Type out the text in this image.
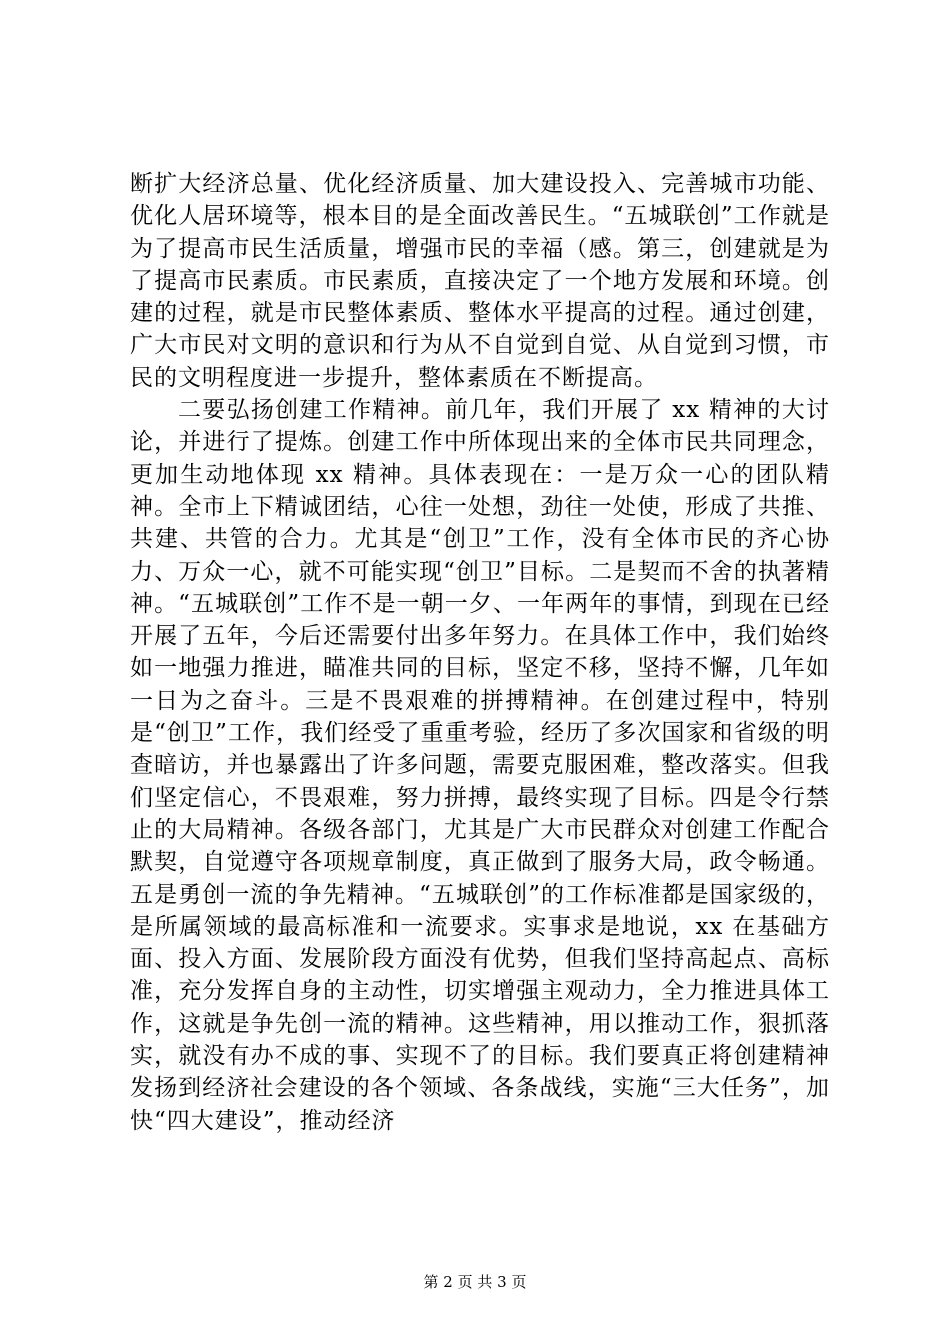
断扩大经济总量、优化经济质量、加大建设投入、完善城市功能、优化人居环境等，根本目的是全面改善民生。“五城联创”工作就是为了提高市民生活质量，增强市民的幸福（感。第三，创建就是为了提高市民素质。市民素质，直接决定了一个地方发展和环境。创建的过程，就是市民整体素质、整体水平提高的过程。通过创建，广大市民对文明的意识和行为从不自觉到自觉、从自觉到习惯，市民的文明程度进一步提升，整体素质在不断提高。

二要弘扬创建工作精神。前几年，我们开展了 xx 精神的大讨论，并进行了提炼。创建工作中所体现出来的全体市民共同理念，更加生动地体现 xx 精神。具体表现在：一是万众一心的团队精神。全市上下精诚团结，心往一处想，劲往一处使，形成了共推、共建、共管的合力。尤其是“创卫”工作，没有全体市民的齐心协力、万众一心，就不可能实现“创卫”目标。二是契而不舍的执著精神。“五城联创”工作不是一朝一夕、一年两年的事情，到现在已经开展了五年，今后还需要付出多年努力。在具体工作中，我们始终如一地强力推进，瞄准共同的目标，坚定不移，坚持不懈，几年如一日为之奋斗。三是不畏艰难的拼搏精神。在创建过程中，特别是“创卫”工作，我们经受了重重考验，经历了多次国家和省级的明查暗访，并也暴露出了许多问题，需要克服困难，整改落实。但我们坚定信心，不畏艰难，努力拼搏，最终实现了目标。四是令行禁止的大局精神。各级各部门，尤其是广大市民群众对创建工作配合默契，自觉遵守各项规章制度，真正做到了服务大局，政令畅通。五是勇创一流的争先精神。“五城联创”的工作标准都是国家级的，是所属领域的最高标准和一流要求。实事求是地说，xx 在基础方面、投入方面、发展阶段方面没有优势，但我们坚持高起点、高标准，充分发挥自身的主动性，切实增强主观动力，全力推进具体工作，这就是争先创一流的精神。这些精神，用以推动工作，狠抓落实，就没有办不成的事、实现不了的目标。我们要真正将创建精神发扬到经济社会建设的各个领域、各条战线，实施“三大任务”，加快“四大建设”，推动经济

第 2 页 共 3 页
